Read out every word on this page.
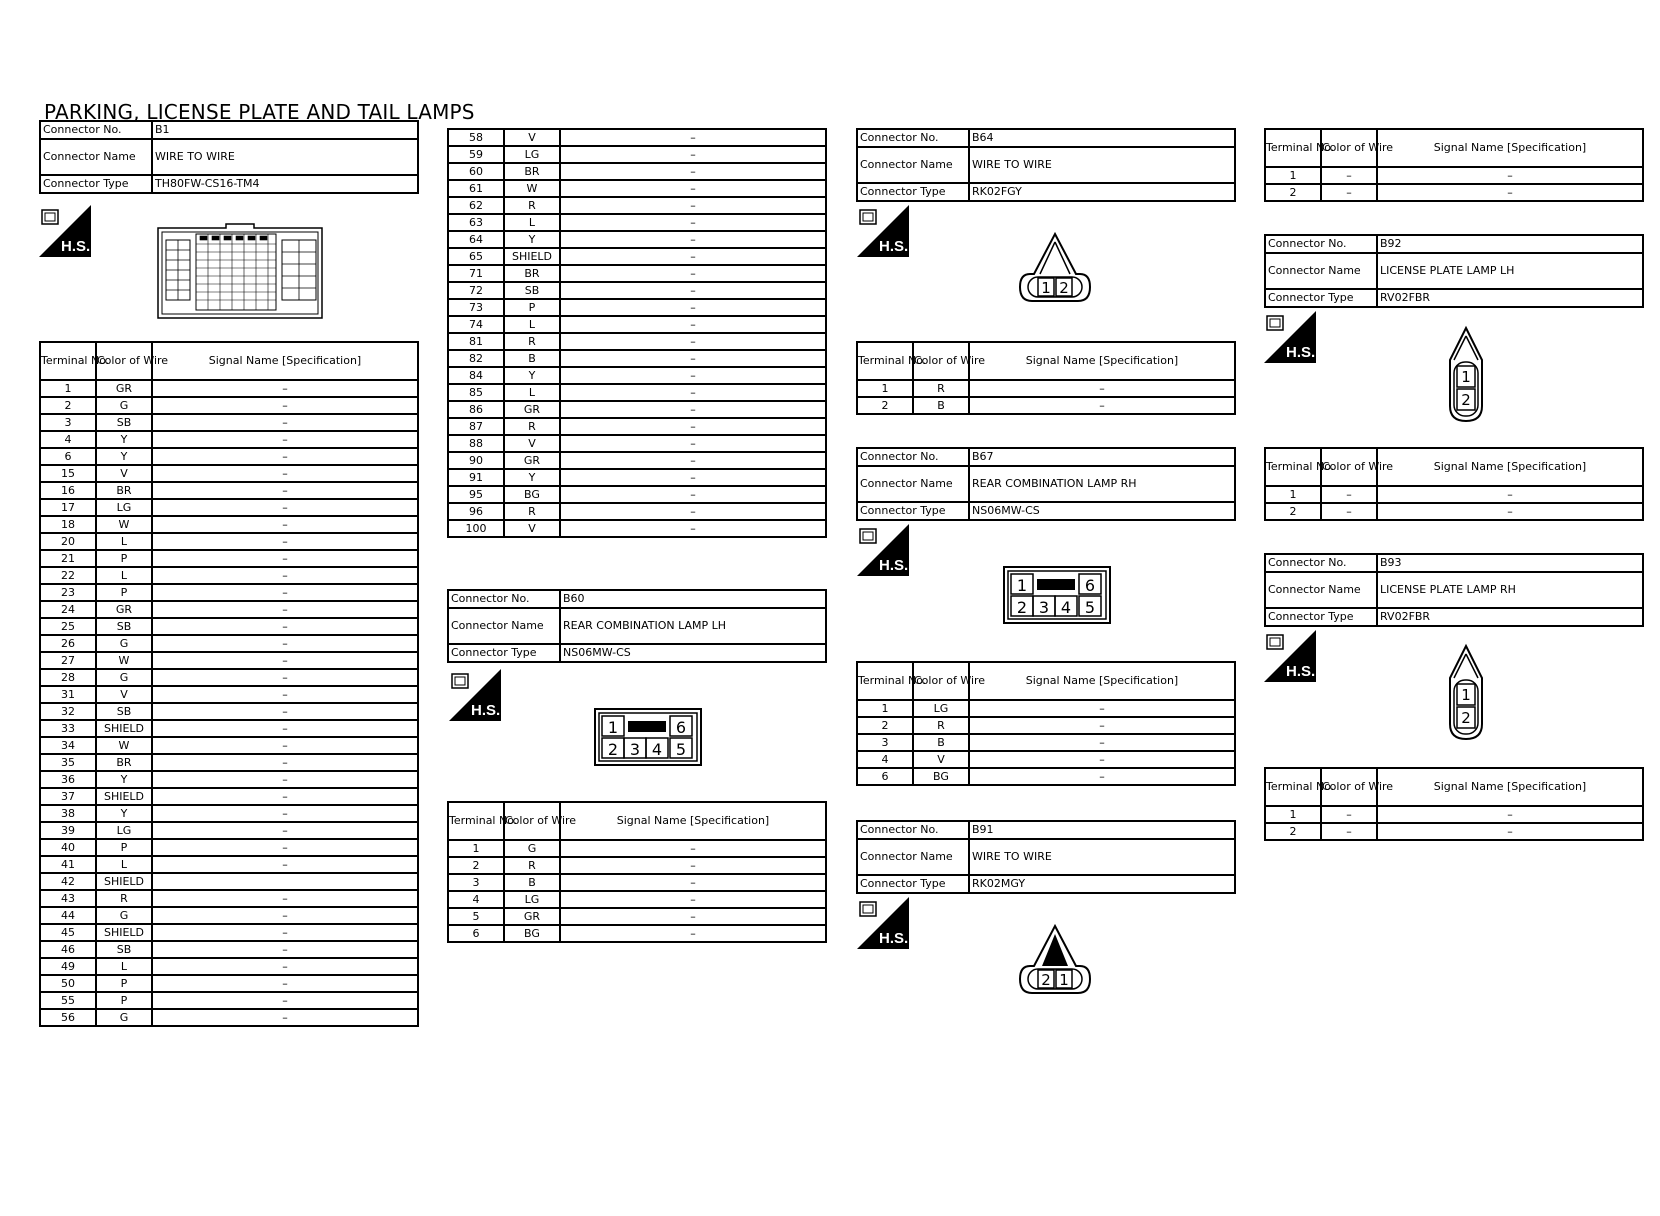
PARKING, LICENSE PLATE AND TAIL LAMPS
Connector No.	B1
Connector Name	WIRE TO WIRE
Connector Type	TH80FW-CS16-TM4
H.S.
Terminal No.	Color of Wire	Signal Name [Specification]
1	GR	–
2	G	–
3	SB	–
4	Y	–
6	Y	–
15	V	–
16	BR	–
17	LG	–
18	W	–
20	L	–
21	P	–
22	L	–
23	P	–
24	GR	–
25	SB	–
26	G	–
27	W	–
28	G	–
31	V	–
32	SB	–
33	SHIELD	–
34	W	–
35	BR	–
36	Y	–
37	SHIELD	–
38	Y	–
39	LG	–
40	P	–
41	L	–
42	SHIELD	
43	R	–
44	G	–
45	SHIELD	–
46	SB	–
49	L	–
50	P	–
55	P	–
56	G	–
58	V	–
59	LG	–
60	BR	–
61	W	–
62	R	–
63	L	–
64	Y	–
65	SHIELD	–
71	BR	–
72	SB	–
73	P	–
74	L	–
81	R	–
82	B	–
84	Y	–
85	L	–
86	GR	–
87	R	–
88	V	–
90	GR	–
91	Y	–
95	BG	–
96	R	–
100	V	–
Connector No.	B60
Connector Name	REAR COMBINATION LAMP LH
Connector Type	NS06MW-CS
H.S.
1	6
2 3 4 5
Terminal No.	Color of Wire	Signal Name [Specification]
1	G	–
2	R	–
3	B	–
4	LG	–
5	GR	–
6	BG	–
Connector No.	B64
Connector Name	WIRE TO WIRE
Connector Type	RK02FGY
H.S.
1 2
Terminal No.	Color of Wire	Signal Name [Specification]
1	R	–
2	B	–
Connector No.	B67
Connector Name	REAR COMBINATION LAMP RH
Connector Type	NS06MW-CS
H.S.
1	6
2 3 4 5
Terminal No.	Color of Wire	Signal Name [Specification]
1	LG	–
2	R	–
3	B	–
4	V	–
6	BG	–
Connector No.	B91
Connector Name	WIRE TO WIRE
Connector Type	RK02MGY
H.S.
2 1
Terminal No.	Color of Wire	Signal Name [Specification]
1	–	–
2	–	–
Connector No.	B92
Connector Name	LICENSE PLATE LAMP LH
Connector Type	RV02FBR
H.S.
1
2
Terminal No.	Color of Wire	Signal Name [Specification]
1	–	–
2	–	–
Connector No.	B93
Connector Name	LICENSE PLATE LAMP RH
Connector Type	RV02FBR
H.S.
1
2
Terminal No.	Color of Wire	Signal Name [Specification]
1	–	–
2	–	–
